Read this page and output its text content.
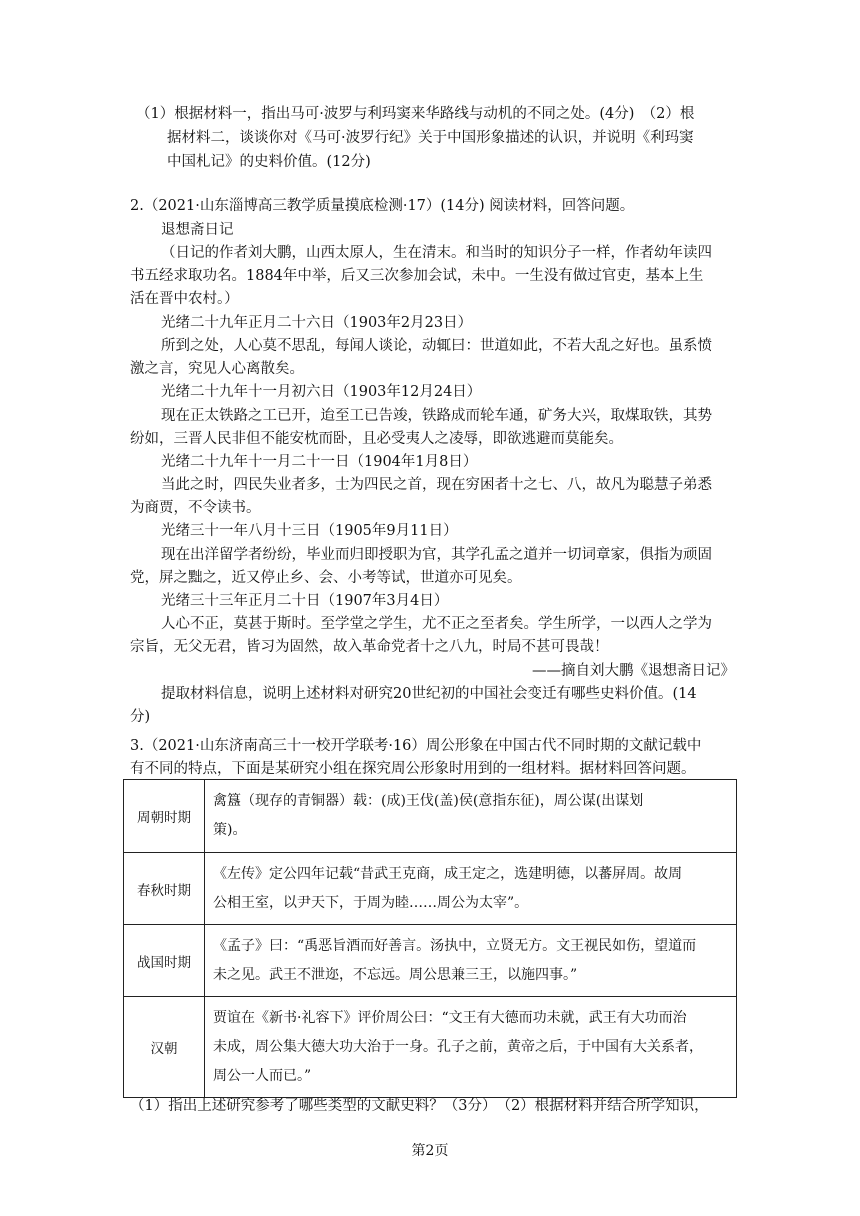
（1）根据材料一，指出马可·波罗与利玛窦来华路线与动机的不同之处。(4分)　（2）根
据材料二，谈谈你对《马可·波罗行纪》关于中国形象描述的认识，并说明《利玛窦
中国札记》的史料价值。(12分)
2.（2021·山东淄博高三教学质量摸底检测·17）(14分) 阅读材料，回答问题。
退想斋日记
（日记的作者刘大鹏，山西太原人，生在清末。和当时的知识分子一样，作者幼年读四
书五经求取功名。1884年中举，后又三次参加会试，未中。一生没有做过官吏，基本上生
活在晋中农村。）
光绪二十九年正月二十六日（1903年2月23日）
所到之处，人心莫不思乱，每闻人谈论，动辄曰：世道如此，不若大乱之好也。虽系愤
激之言，究见人心离散矣。
光绪二十九年十一月初六日（1903年12月24日）
现在正太铁路之工已开，迨至工已告竣，铁路成而轮车通，矿务大兴，取煤取铁，其势
纷如，三晋人民非但不能安枕而卧，且必受夷人之凌辱，即欲逃避而莫能矣。
光绪二十九年十一月二十一日（1904年1月8日）
当此之时，四民失业者多，士为四民之首，现在穷困者十之七、八，故凡为聪慧子弟悉
为商贾，不令读书。
光绪三十一年八月十三日（1905年9月11日）
现在出洋留学者纷纷，毕业而归即授职为官，其学孔孟之道并一切词章家，俱指为顽固
党，屏之黜之，近又停止乡、会、小考等试，世道亦可见矣。
光绪三十三年正月二十日（1907年3月4日）
人心不正，莫甚于斯时。至学堂之学生，尤不正之至者矣。学生所学，一以西人之学为
宗旨，无父无君，皆习为固然，故入革命党者十之八九，时局不甚可畏哉！
——摘自刘大鹏《退想斋日记》
提取材料信息，说明上述材料对研究20世纪初的中国社会变迁有哪些史料价值。(14
分)
3.（2021·山东济南高三十一校开学联考·16）周公形象在中国古代不同时期的文献记载中
有不同的特点，下面是某研究小组在探究周公形象时用到的一组材料。据材料回答问题。
周朝时期	禽簋（现存的青铜器）载：(成)王伐(盖)侯(意指东征)，周公谋(出谋划
策)。

春秋时期	《左传》定公四年记载“昔武王克商，成王定之，选建明德，以蕃屏周。故周
公相王室，以尹天下，于周为睦……周公为太宰”。

战国时期	《孟子》曰：“禹恶旨酒而好善言。汤执中，立贤无方。文王视民如伤，望道而
未之见。武王不泄迩，不忘远。周公思兼三王，以施四事。”

汉朝	贾谊在《新书·礼容下》评价周公曰：“文王有大德而功未就，武王有大功而治
未成，周公集大德大功大治于一身。孔子之前，黄帝之后，于中国有大关系者，
周公一人而已。”
（1）指出上述研究参考了哪些类型的文献史料？（3分）　（2）根据材料并结合所学知识，
第2页
